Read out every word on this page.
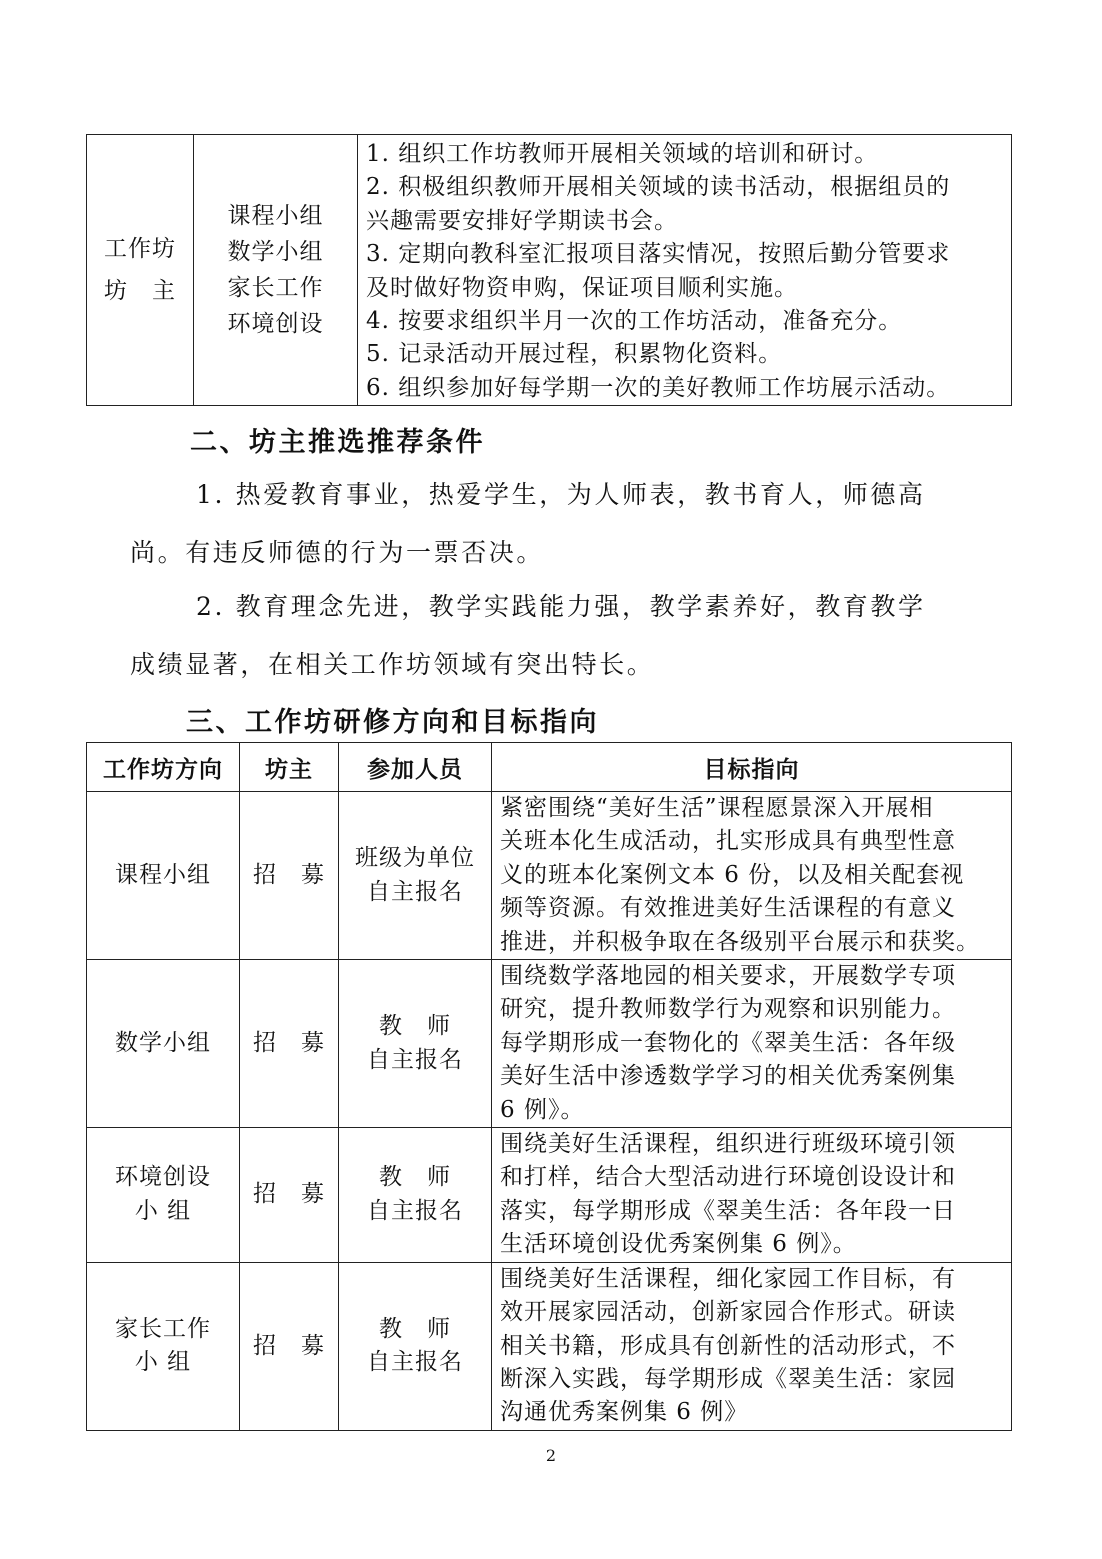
工作坊
坊　主

课程小组
数学小组
家长工作
环境创设

1. 组织工作坊教师开展相关领域的培训和研讨。
2. 积极组织教师开展相关领域的读书活动，根据组员的
兴趣需要安排好学期读书会。
3. 定期向教科室汇报项目落实情况，按照后勤分管要求
及时做好物资申购，保证项目顺利实施。
4. 按要求组织半月一次的工作坊活动，准备充分。
5. 记录活动开展过程，积累物化资料。
6. 组织参加好每学期一次的美好教师工作坊展示活动。
二、坊主推选推荐条件
1. 热爱教育事业，热爱学生，为人师表，教书育人，师德高
尚。有违反师德的行为一票否决。
2. 教育理念先进，教学实践能力强，教学素养好，教育教学
成绩显著，在相关工作坊领域有突出特长。
三、工作坊研修方向和目标指向
工作坊方向	坊主	参加人员	目标指向
课程小组	招　募	班级为单位
自主报名	紧密围绕“美好生活”课程愿景深入开展相
关班本化生成活动，扎实形成具有典型性意
义的班本化案例文本 6 份，以及相关配套视
频等资源。有效推进美好生活课程的有意义
推进，并积极争取在各级别平台展示和获奖。

数学小组	招　募	教　师
自主报名	围绕数学落地园的相关要求，开展数学专项
研究，提升教师数学行为观察和识别能力。
每学期形成一套物化的《翠美生活：各年级
美好生活中渗透数学学习的相关优秀案例集
6 例》。

环境创设
小 组	招　募	教　师
自主报名	围绕美好生活课程，组织进行班级环境引领
和打样，结合大型活动进行环境创设设计和
落实，每学期形成《翠美生活：各年段一日
生活环境创设优秀案例集 6 例》。

家长工作
小 组	招　募	教　师
自主报名	围绕美好生活课程，细化家园工作目标，有
效开展家园活动，创新家园合作形式。研读
相关书籍，形成具有创新性的活动形式，不
断深入实践，每学期形成《翠美生活：家园
沟通优秀案例集 6 例》
2
